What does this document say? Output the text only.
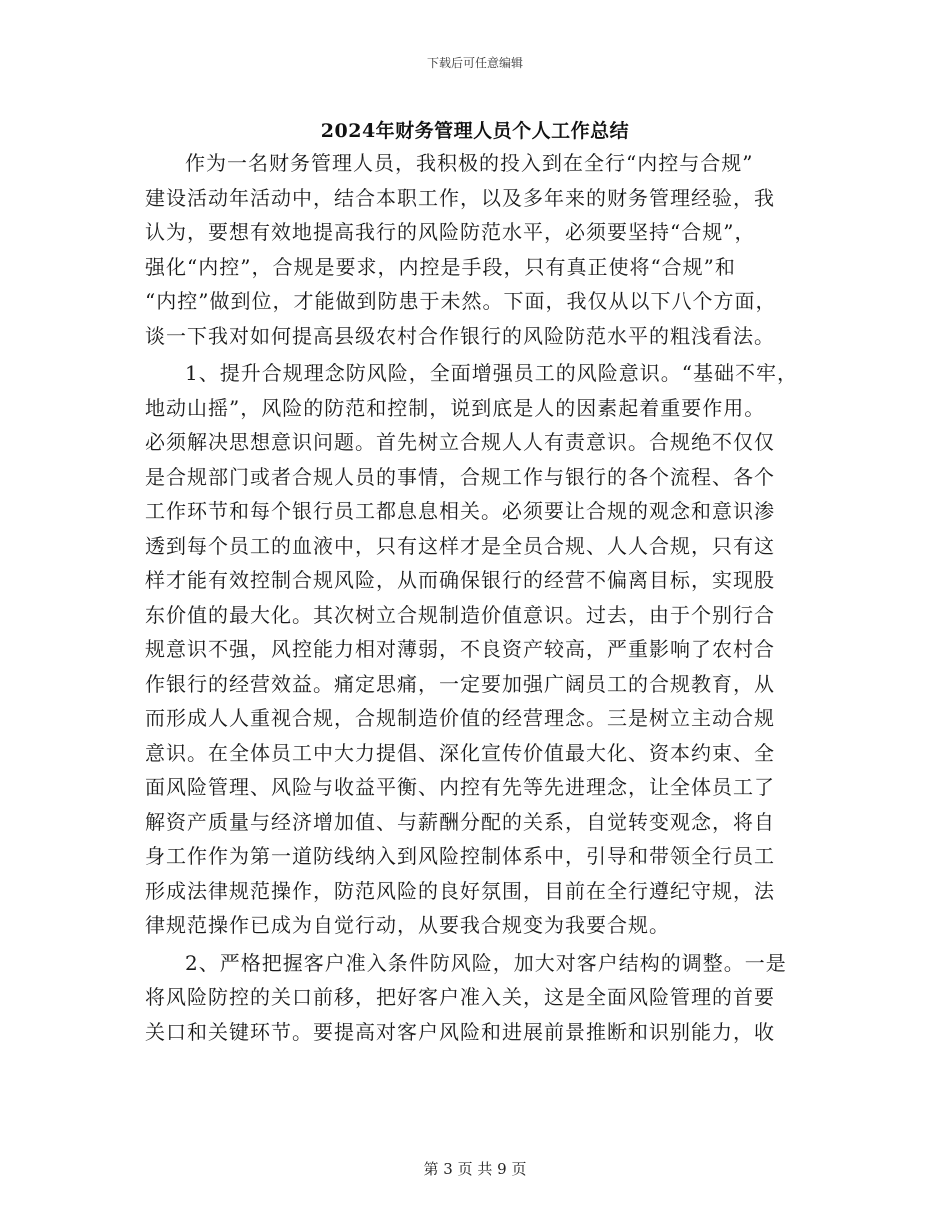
下载后可任意编辑
2024年财务管理人员个人工作总结
作为一名财务管理人员，我积极的投入到在全行“内控与合规”
建设活动年活动中，结合本职工作，以及多年来的财务管理经验，我
认为，要想有效地提高我行的风险防范水平，必须要坚持“合规”，
强化“内控”，合规是要求，内控是手段，只有真正使将“合规”和
“内控”做到位，才能做到防患于未然。下面，我仅从以下八个方面，
谈一下我对如何提高县级农村合作银行的风险防范水平的粗浅看法。
1、提升合规理念防风险，全面增强员工的风险意识。“基础不牢，
地动山摇”，风险的防范和控制，说到底是人的因素起着重要作用。
必须解决思想意识问题。首先树立合规人人有责意识。合规绝不仅仅
是合规部门或者合规人员的事情，合规工作与银行的各个流程、各个
工作环节和每个银行员工都息息相关。必须要让合规的观念和意识渗
透到每个员工的血液中，只有这样才是全员合规、人人合规，只有这
样才能有效控制合规风险，从而确保银行的经营不偏离目标，实现股
东价值的最大化。其次树立合规制造价值意识。过去，由于个别行合
规意识不强，风控能力相对薄弱，不良资产较高，严重影响了农村合
作银行的经营效益。痛定思痛，一定要加强广阔员工的合规教育，从
而形成人人重视合规，合规制造价值的经营理念。三是树立主动合规
意识。在全体员工中大力提倡、深化宣传价值最大化、资本约束、全
面风险管理、风险与收益平衡、内控有先等先进理念，让全体员工了
解资产质量与经济增加值、与薪酬分配的关系，自觉转变观念，将自
身工作作为第一道防线纳入到风险控制体系中，引导和带领全行员工
形成法律规范操作，防范风险的良好氛围，目前在全行遵纪守规，法
律规范操作已成为自觉行动，从要我合规变为我要合规。
2、严格把握客户准入条件防风险，加大对客户结构的调整。一是
将风险防控的关口前移，把好客户准入关，这是全面风险管理的首要
关口和关键环节。要提高对客户风险和进展前景推断和识别能力，收
第 3 页 共 9 页
